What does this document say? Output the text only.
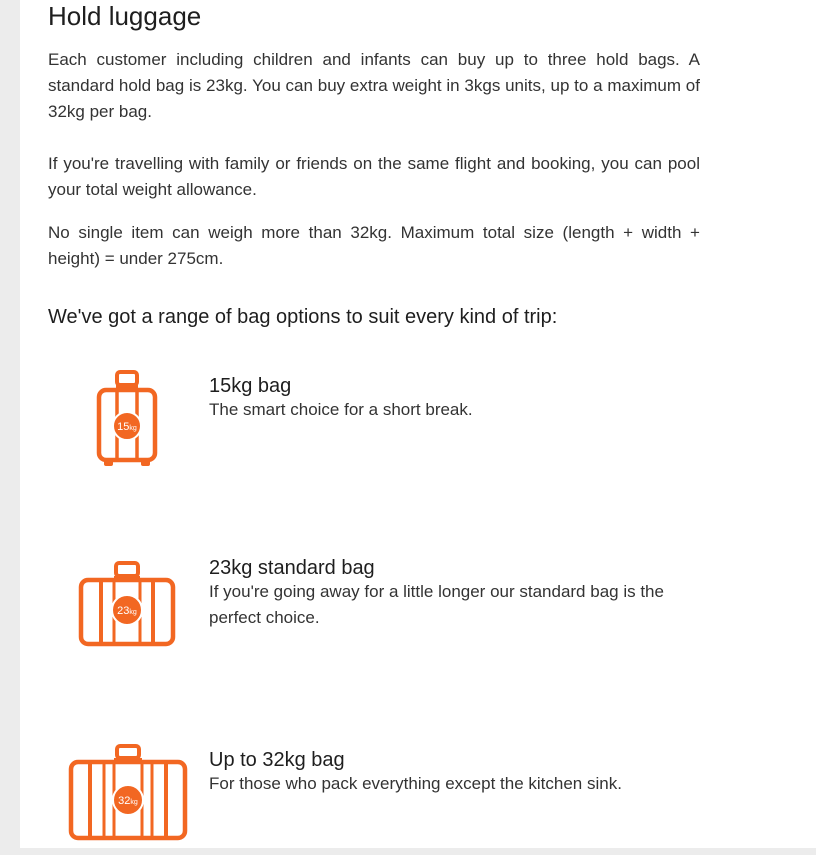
Hold luggage

Each customer including children and infants can buy up to three hold bags. A standard hold bag is 23kg. You can buy extra weight in 3kgs units, up to a maximum of 32kg per bag.

If you're travelling with family or friends on the same flight and booking, you can pool your total weight allowance.

No single item can weigh more than 32kg. Maximum total size (length + width + height) = under 275cm.

We've got a range of bag options to suit every kind of trip:
15kg
15kg bag
The smart choice for a short break.
23kg
23kg standard bag
If you're going away for a little longer our standard bag is the perfect choice.
32kg
Up to 32kg bag
For those who pack everything except the kitchen sink.
